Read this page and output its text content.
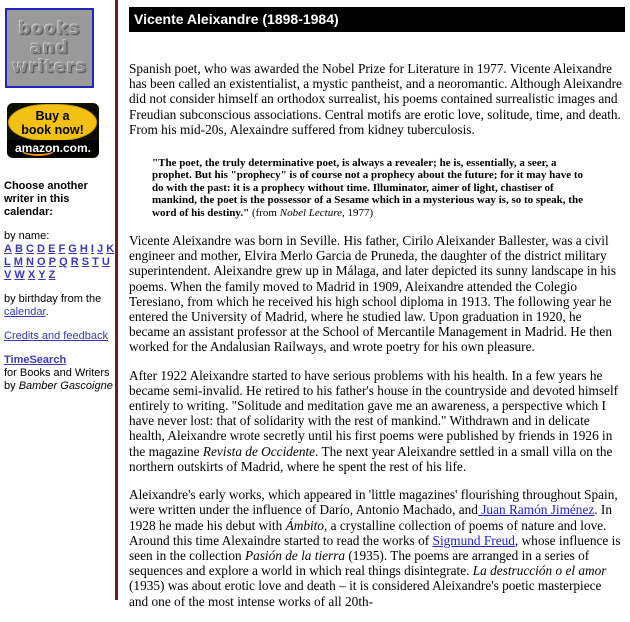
books
and
writers
Buy a
book now!
amazon.com.
Choose another writer in this calendar:
by name:
A B C D E F G H I J K L M N O P Q R S T U V W X Y Z
by birthday from the calendar.
Credits and feedback
TimeSearch
for Books and Writers
by Bamber Gascoigne
Vicente Aleixandre (1898-1984)

Spanish poet, who was awarded the Nobel Prize for Literature in 1977. Vicente Aleixandre has been called an existentialist, a mystic pantheist, and a neoromantic. Although Aleixandre did not consider himself an orthodox surrealist, his poems contained surrealistic images and Freudian subconscious associations. Central motifs are erotic love, solitude, time, and death. From his mid-20s, Alexaindre suffered from kidney tuberculosis.

"The poet, the truly determinative poet, is always a revealer; he is, essentially, a seer, a prophet. But his "prophecy" is of course not a prophecy about the future; for it may have to do with the past: it is a prophecy without time. Illuminator, aimer of light, chastiser of mankind, the poet is the possessor of a Sesame which in a mysterious way is, so to speak, the word of his destiny." (from Nobel Lecture, 1977)

Vicente Aleixandre was born in Seville. His father, Cirilo Aleixander Ballester, was a civil engineer and mother, Elvira Merlo Garcia de Pruneda, the daughter of the district military superintendent. Aleixandre grew up in Málaga, and later depicted its sunny landscape in his poems. When the family moved to Madrid in 1909, Aleixandre attended the Colegio Teresiano, from which he received his high school diploma in 1913. The following year he entered the University of Madrid, where he studied law. Upon graduation in 1920, he became an assistant professor at the School of Mercantile Management in Madrid. He then worked for the Andalusian Railways, and wrote poetry for his own pleasure.

After 1922 Aleixandre started to have serious problems with his health. In a few years he became semi-invalid. He retired to his father's house in the countryside and devoted himself entirely to writing. "Solitude and meditation gave me an awareness, a perspective which I have never lost: that of solidarity with the rest of mankind." Withdrawn and in delicate health, Aleixandre wrote secretly until his first poems were published by friends in 1926 in the magazine Revista de Occidente. The next year Aleixandre settled in a small villa on the northern outskirts of Madrid, where he spent the rest of his life.

Aleixandre's early works, which appeared in 'little magazines' flourishing throughout Spain, were written under the influence of Darío, Antonio Machado, and Juan Ramón Jiménez. In 1928 he made his debut with Ámbito, a crystalline collection of poems of nature and love. Around this time Alexaindre started to read the works of Sigmund Freud, whose influence is seen in the collection Pasión de la tierra (1935). The poems are arranged in a series of sequences and explore a world in which real things disintegrate. La destrucción o el amor (1935) was about erotic love and death – it is considered Aleixandre's poetic masterpiece and one of the most intense works of all 20th-
